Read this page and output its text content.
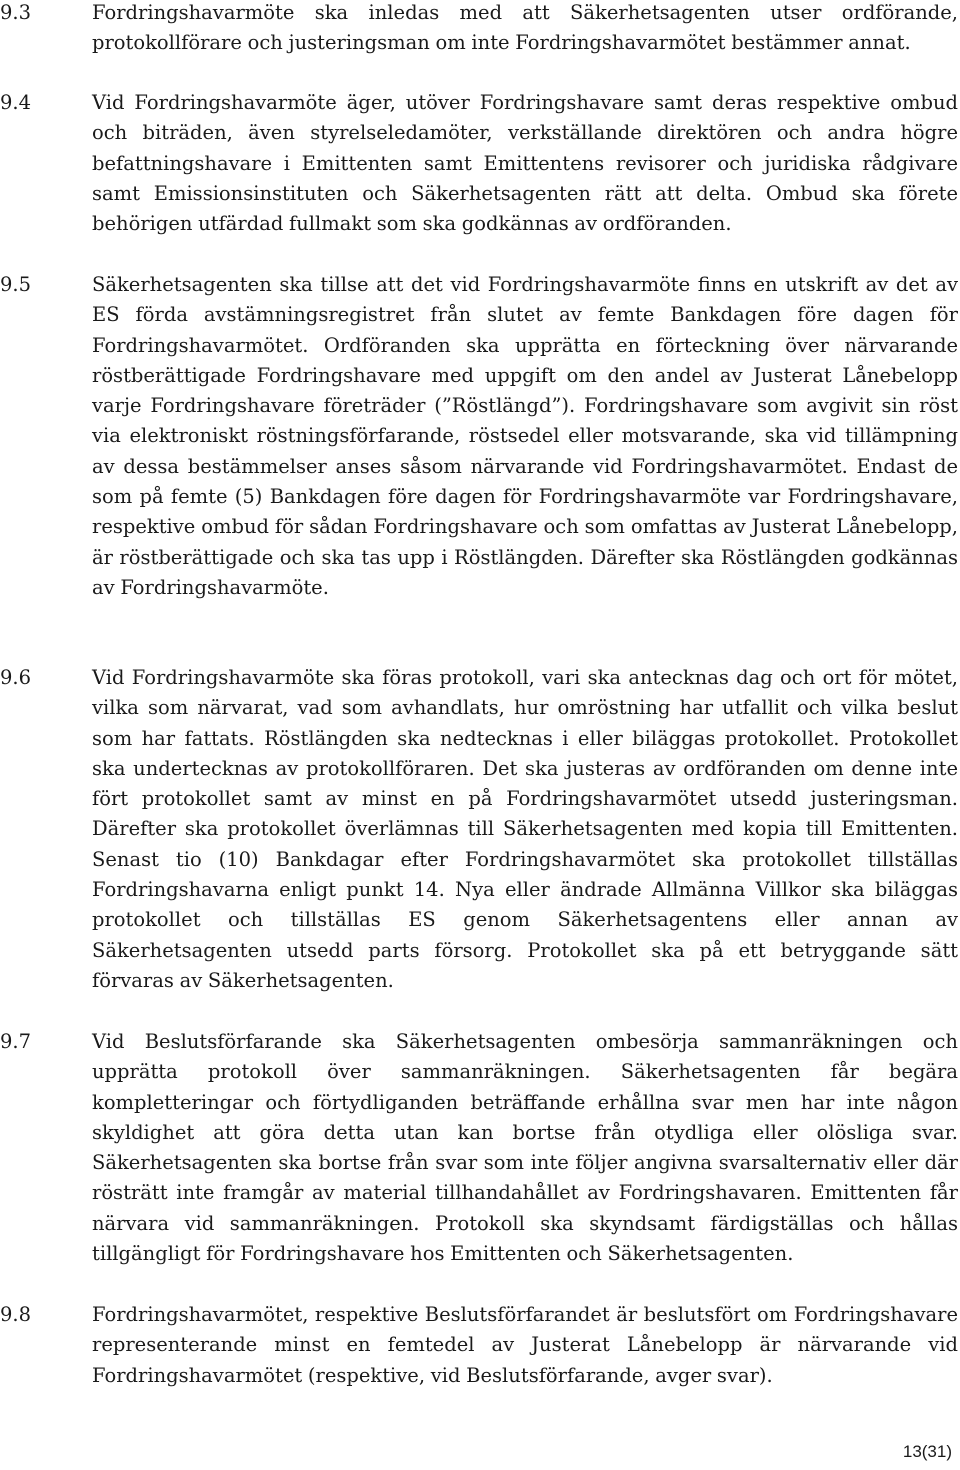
9.3	Fordringshavarmöte ska inledas med att Säkerhetsagenten utser ordförande, protokollförare och justeringsman om inte Fordringshavarmötet bestämmer annat.

9.4	Vid Fordringshavarmöte äger, utöver Fordringshavare samt deras respektive ombud och biträden, även styrelseledamöter, verkställande direktören och andra högre befattningshavare i Emittenten samt Emittentens revisorer och juridiska rådgivare samt Emissionsinstituten och Säkerhetsagenten rätt att delta. Ombud ska förete behörigen utfärdad fullmakt som ska godkännas av ordföranden.

9.5	Säkerhetsagenten ska tillse att det vid Fordringshavarmöte finns en utskrift av det av ES förda avstämningsregistret från slutet av femte Bankdagen före dagen för Fordringshavarmötet. Ordföranden ska upprätta en förteckning över närvarande röstberättigade Fordringshavare med uppgift om den andel av Justerat Lånebelopp varje Fordringshavare företräder (”Röstlängd”). Fordringshavare som avgivit sin röst via elektroniskt röstningsförfarande, röstsedel eller motsvarande, ska vid tillämpning av dessa bestämmelser anses såsom närvarande vid Fordringshavarmötet. Endast de som på femte (5) Bankdagen före dagen för Fordringshavarmöte var Fordringshavare, respektive ombud för sådan Fordringshavare och som omfattas av Justerat Lånebelopp, är röstberättigade och ska tas upp i Röstlängden. Därefter ska Röstlängden godkännas av Fordringshavarmöte.

9.6	Vid Fordringshavarmöte ska föras protokoll, vari ska antecknas dag och ort för mötet, vilka som närvarat, vad som avhandlats, hur omröstning har utfallit och vilka beslut som har fattats. Röstlängden ska nedtecknas i eller biläggas protokollet. Protokollet ska undertecknas av protokollföraren. Det ska justeras av ordföranden om denne inte fört protokollet samt av minst en på Fordringshavarmötet utsedd justeringsman. Därefter ska protokollet överlämnas till Säkerhetsagenten med kopia till Emittenten. Senast tio (10) Bankdagar efter Fordringshavarmötet ska protokollet tillställas Fordringshavarna enligt punkt 14. Nya eller ändrade Allmänna Villkor ska biläggas protokollet och tillställas ES genom Säkerhetsagentens eller annan av Säkerhetsagenten utsedd parts försorg. Protokollet ska på ett betryggande sätt förvaras av Säkerhetsagenten.

9.7	Vid Beslutsförfarande ska Säkerhetsagenten ombesörja sammanräkningen och upprätta protokoll över sammanräkningen. Säkerhetsagenten får begära kompletteringar och förtydliganden beträffande erhållna svar men har inte någon skyldighet att göra detta utan kan bortse från otydliga eller olösliga svar. Säkerhetsagenten ska bortse från svar som inte följer angivna svarsalternativ eller där rösträtt inte framgår av material tillhandahållet av Fordringshavaren. Emittenten får närvara vid sammanräkningen. Protokoll ska skyndsamt färdigställas och hållas tillgängligt för Fordringshavare hos Emittenten och Säkerhetsagenten.

9.8	Fordringshavarmötet, respektive Beslutsförfarandet är beslutsfört om Fordringshavare representerande minst en femtedel av Justerat Lånebelopp är närvarande vid Fordringshavarmötet (respektive, vid Beslutsförfarande, avger svar).

13(31)
